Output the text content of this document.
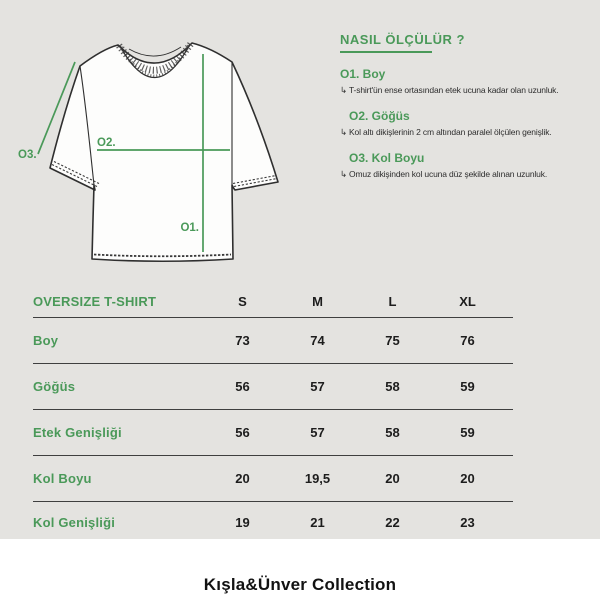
O1.
O2.
O3.
NASIL ÖLÇÜLÜR ?
O1. Boy
↳ T-shirt'ün ense ortasından etek ucuna kadar olan uzunluk.
O2. Göğüs
↳ Kol altı dikişlerinin 2 cm altından paralel ölçülen genişlik.
O3. Kol Boyu
↳ Omuz dikişinden kol ucuna düz şekilde alınan uzunluk.
OVERSIZE T-SHIRT	S	M	L	XL
Boy	73	74	75	76
Göğüs	56	57	58	59
Etek Genişliği	56	57	58	59
Kol Boyu	20	19,5	20	20
Kol Genişliği	19	21	22	23
Kışla&Ünver Collection
